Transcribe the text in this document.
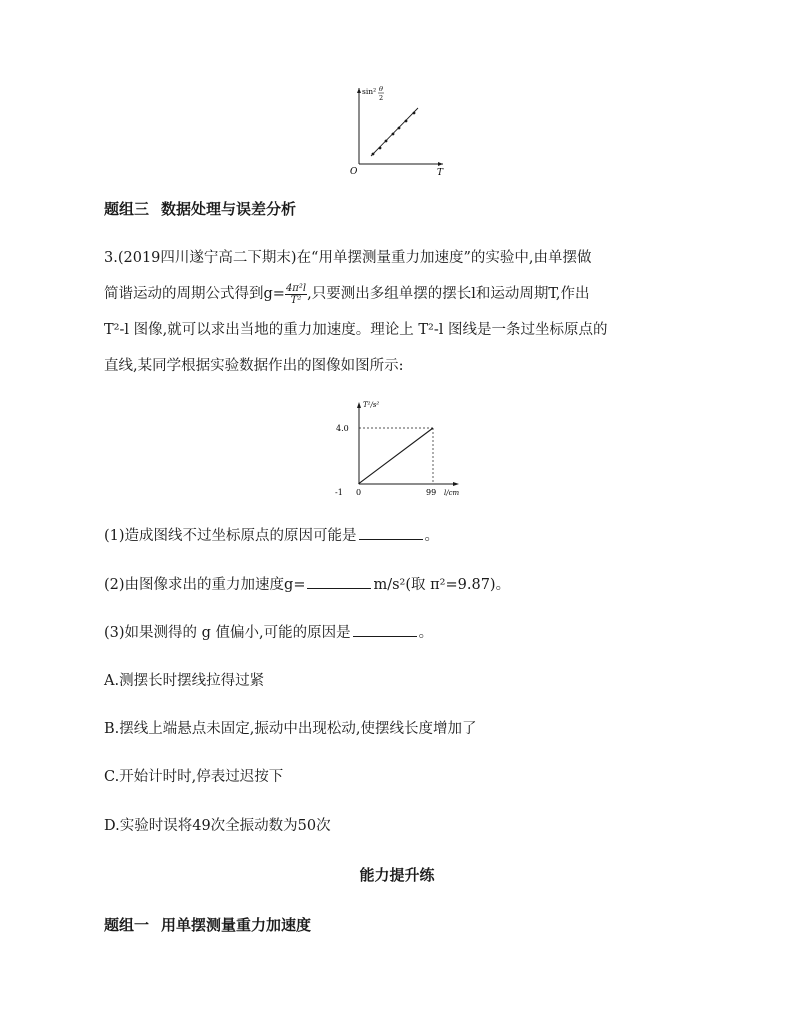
sin² θ
2
O	T
题组三 数据处理与误差分析
3.(2019四川遂宁高二下期末)在“用单摆测量重力加速度”的实验中,由单摆做
简谐运动的周期公式得到$g= \frac{\text{4π²l}}{\text{T²}}$ ,只要测出多组单摆的摆长l和运动周期T,作出
T²-l 图像,就可以求出当地的重力加速度。理论上 T²-l 图线是一条过坐标原点的
直线,某同学根据实验数据作出的图像如图所示:
T²/s²
4.0
-1 0	99 l/cm
(1)造成图线不过坐标原点的原因可能是	。
(2)由图像求出的重力加速度g=	m/s²(取 π²=9.87)。
(3)如果测得的 g 值偏小,可能的原因是	。
A.测摆长时摆线拉得过紧
B.摆线上端悬点未固定,振动中出现松动,使摆线长度增加了
C.开始计时时,停表过迟按下
D.实验时误将49次全振动数为50次
能力提升练
题组一 用单摆测量重力加速度
